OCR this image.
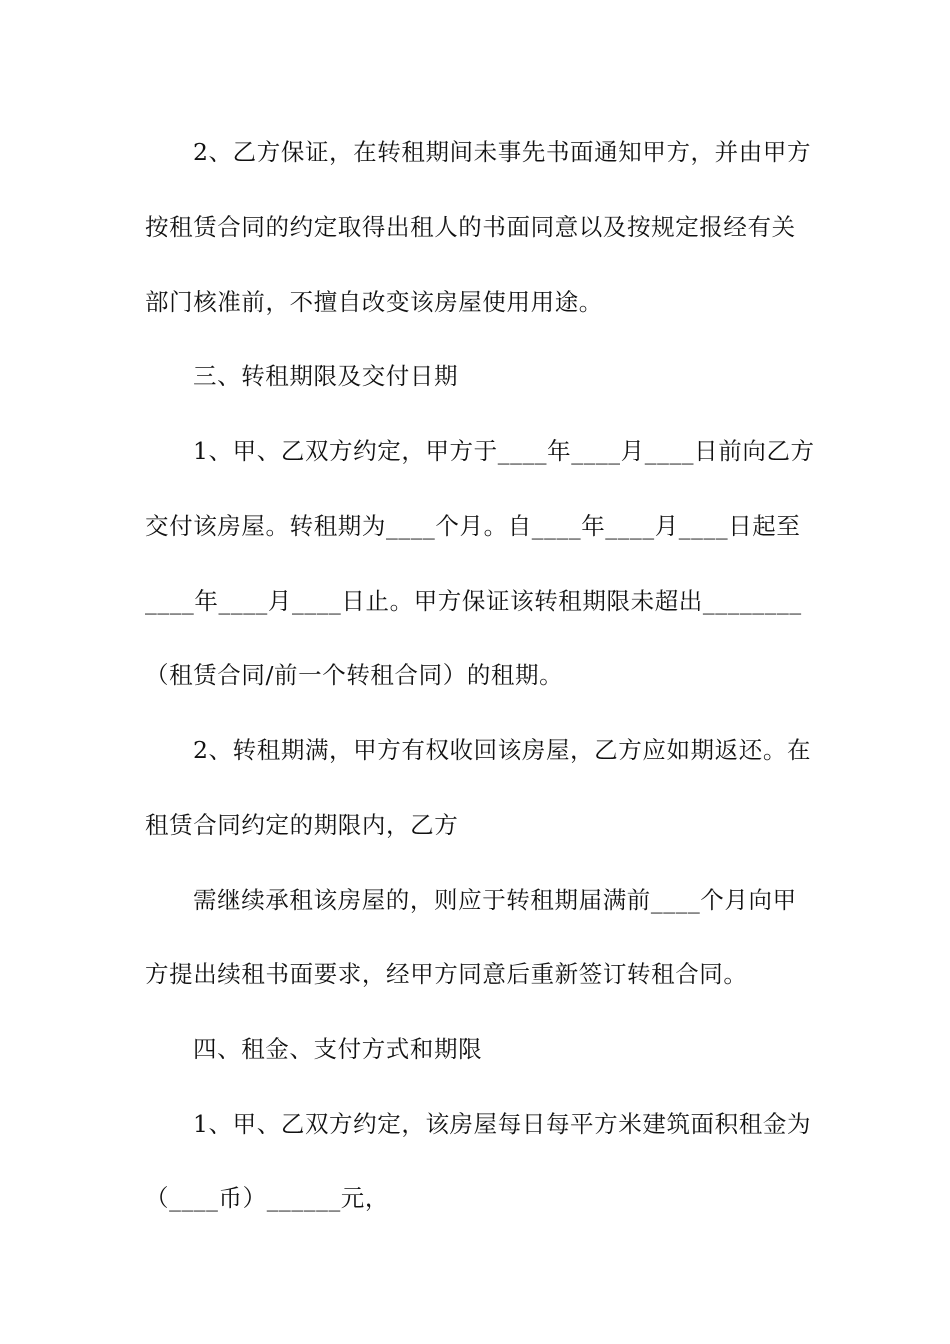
2、乙方保证，在转租期间未事先书面通知甲方，并由甲方

按租赁合同的约定取得出租人的书面同意以及按规定报经有关

部门核准前，不擅自改变该房屋使用用途。

三、转租期限及交付日期

1、甲、乙双方约定，甲方于____年____月____日前向乙方

交付该房屋。转租期为____个月。自____年____月____日起至

____年____月____日止。甲方保证该转租期限未超出________

（租赁合同/前一个转租合同）的租期。

2、转租期满，甲方有权收回该房屋，乙方应如期返还。在

租赁合同约定的期限内，乙方

需继续承租该房屋的，则应于转租期届满前____个月向甲

方提出续租书面要求，经甲方同意后重新签订转租合同。

四、租金、支付方式和期限

1、甲、乙双方约定，该房屋每日每平方米建筑面积租金为

（____币）______元，
